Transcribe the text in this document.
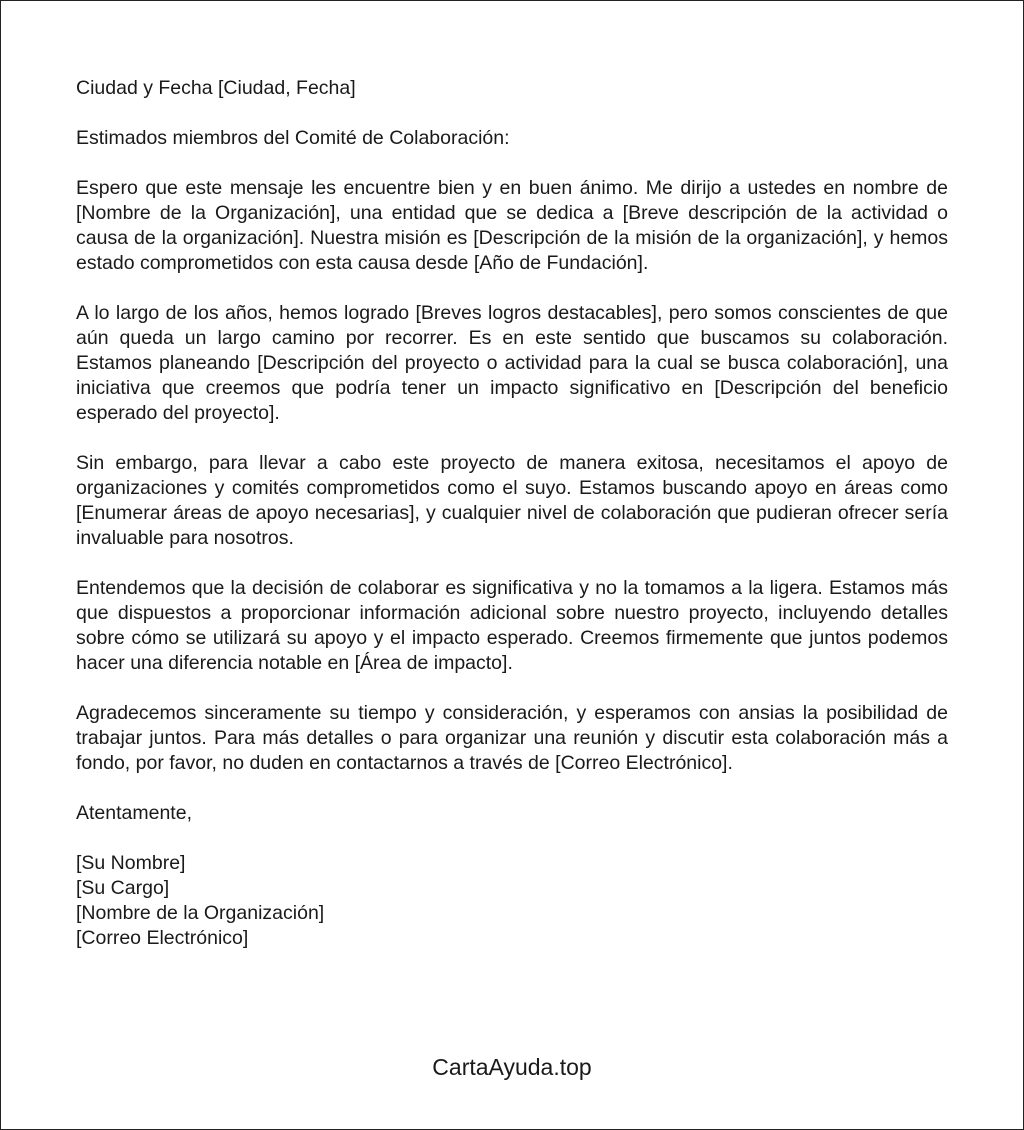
Ciudad y Fecha [Ciudad, Fecha]

Estimados miembros del Comité de Colaboración:

Espero que este mensaje les encuentre bien y en buen ánimo. Me dirijo a ustedes en nombre de [Nombre de la Organización], una entidad que se dedica a [Breve descripción de la actividad o causa de la organización]. Nuestra misión es [Descripción de la misión de la organización], y hemos estado comprometidos con esta causa desde [Año de Fundación].

A lo largo de los años, hemos logrado [Breves logros destacables], pero somos conscientes de que aún queda un largo camino por recorrer. Es en este sentido que buscamos su colaboración. Estamos planeando [Descripción del proyecto o actividad para la cual se busca colaboración], una iniciativa que creemos que podría tener un impacto significativo en [Descripción del beneficio esperado del proyecto].

Sin embargo, para llevar a cabo este proyecto de manera exitosa, necesitamos el apoyo de organizaciones y comités comprometidos como el suyo. Estamos buscando apoyo en áreas como [Enumerar áreas de apoyo necesarias], y cualquier nivel de colaboración que pudieran ofrecer sería invaluable para nosotros.

Entendemos que la decisión de colaborar es significativa y no la tomamos a la ligera. Estamos más que dispuestos a proporcionar información adicional sobre nuestro proyecto, incluyendo detalles sobre cómo se utilizará su apoyo y el impacto esperado. Creemos firmemente que juntos podemos hacer una diferencia notable en [Área de impacto].

Agradecemos sinceramente su tiempo y consideración, y esperamos con ansias la posibilidad de trabajar juntos. Para más detalles o para organizar una reunión y discutir esta colaboración más a fondo, por favor, no duden en contactarnos a través de [Correo Electrónico].

Atentamente,

[Su Nombre]
[Su Cargo]
[Nombre de la Organización]
[Correo Electrónico]
CartaAyuda.top
